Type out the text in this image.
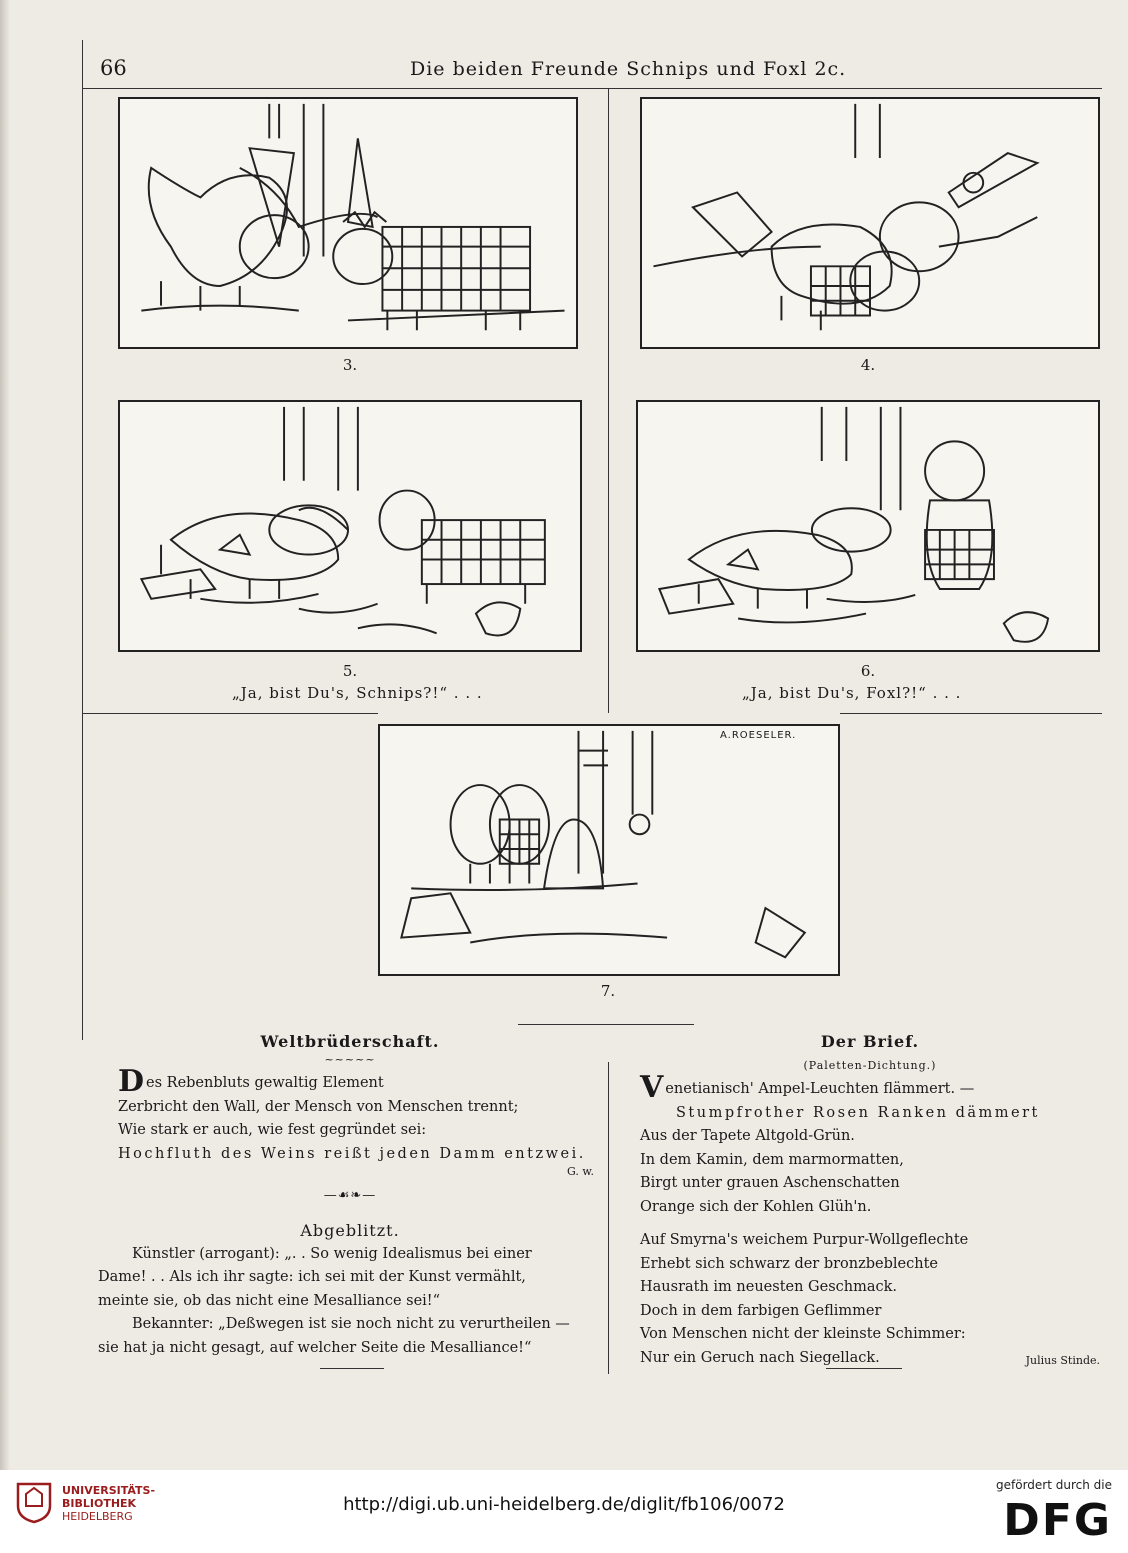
66	Die beiden Freunde Schnips und Foxl 2c.
3.	4.
5.
„Ja, bist Du's, Schnips?!“ . . .
6.
„Ja, bist Du's, Foxl?!“ . . .
A.ROESELER.
7.
Weltbrüderschaft.
~~~~~
Des Rebenbluts gewaltig Element
Zerbricht den Wall, der Mensch von Menschen trennt;
Wie stark er auch, wie fest gegründet sei:
Hochfluth des Weins reißt jeden Damm entzwei.
G. w.
—☙❧—
Abgeblitzt.
Künstler (arrogant): „. . So wenig Idealismus bei einer
Dame! . . Als ich ihr sagte: ich sei mit der Kunst vermählt,
meinte sie, ob das nicht eine Mesalliance sei!“
Bekannter: „Deßwegen ist sie noch nicht zu verurtheilen —
sie hat ja nicht gesagt, auf welcher Seite die Mesalliance!“
Der Brief.
(Paletten-Dichtung.)
Venetianisch' Ampel-Leuchten flämmert. —
Stumpfrother Rosen Ranken dämmert
Aus der Tapete Altgold-Grün.
In dem Kamin, dem marmormatten,
Birgt unter grauen Aschenschatten
Orange sich der Kohlen Glüh'n.
Auf Smyrna's weichem Purpur-Wollgeflechte
Erhebt sich schwarz der bronzbeblechte
Hausrath im neuesten Geschmack.
Doch in dem farbigen Geflimmer
Von Menschen nicht der kleinste Schimmer:
Nur ein Geruch nach Siegellack.	Julius Stinde.
UNIVERSITÄTS-
BIBLIOTHEK
HEIDELBERG
http://digi.ub.uni-heidelberg.de/diglit/fb106/0072
gefördert durch die
DFG
